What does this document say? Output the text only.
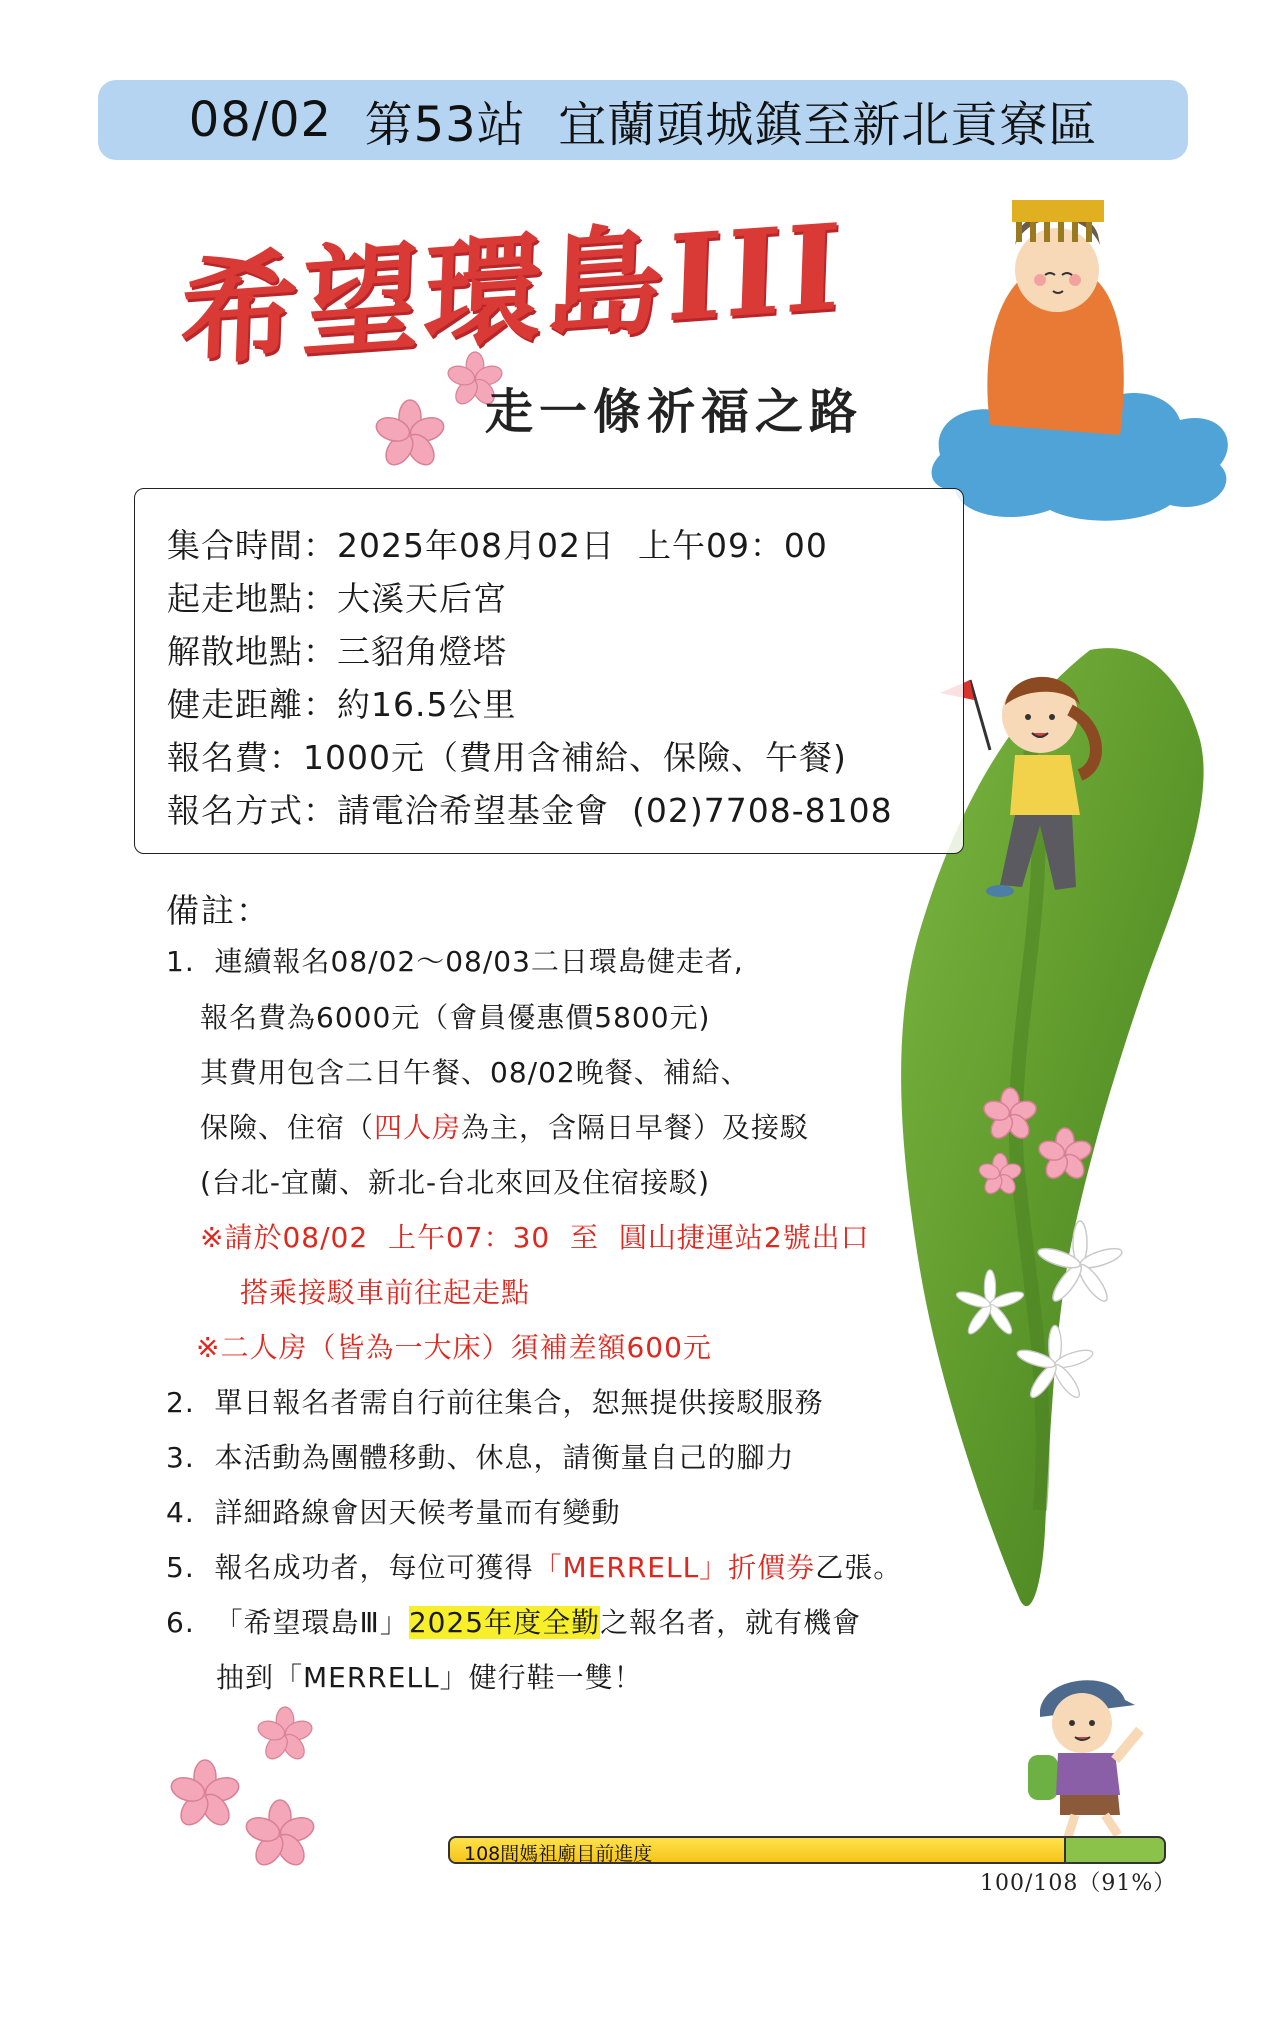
08/02
第53站
宜蘭頭城鎮至新北貢寮區
希望環島III
走一條祈福之路
集合時間：2025年08月02日  上午09：00
起走地點：大溪天后宮
解散地點：三貂角燈塔
健走距離：約16.5公里
報名費：1000元（費用含補給、保險、午餐)
報名方式：請電洽希望基金會  (02)7708-8108
備註：
1.  連續報名08/02～08/03二日環島健走者,
報名費為6000元（會員優惠價5800元)
其費用包含二日午餐、08/02晚餐、補給、
保險、住宿（四人房為主，含隔日早餐）及接駁
(台北-宜蘭、新北-台北來回及住宿接駁)
※請於08/02  上午07：30  至  圓山捷運站2號出口
搭乘接駁車前往起走點
※二人房（皆為一大床）須補差額600元
2.  單日報名者需自行前往集合，恕無提供接駁服務
3.  本活動為團體移動、休息，請衡量自己的腳力
4.  詳細路線會因天候考量而有變動
5.  報名成功者，每位可獲得「MERRELL」折價券乙張。
6.  「希望環島Ⅲ」2025年度全勤之報名者，就有機會
抽到「MERRELL」健行鞋一雙！
108間媽祖廟目前進度
100/108（91%）
